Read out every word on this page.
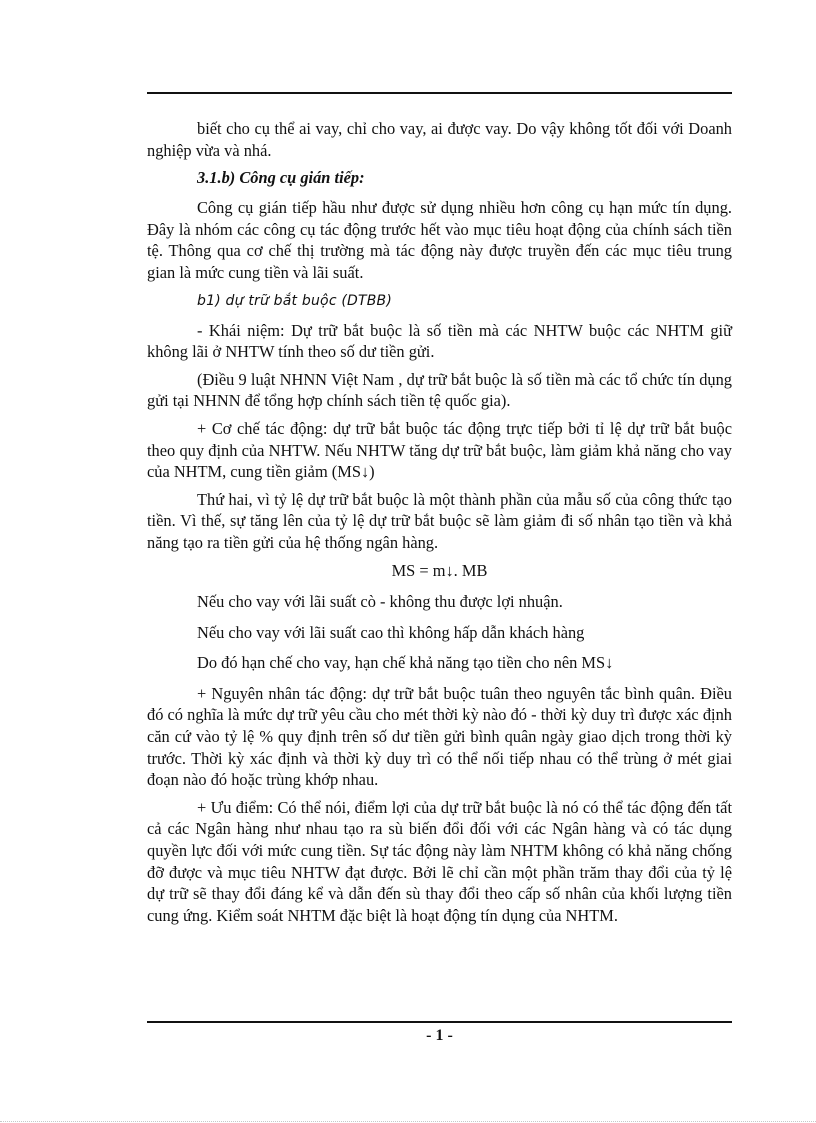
biết cho cụ thể ai vay, chỉ cho vay, ai được vay. Do vậy không tốt đối với Doanh nghiệp vừa và nhá.

3.1.b) Công cụ gián tiếp:

Công cụ gián tiếp hầu như được sử dụng nhiều hơn công cụ hạn mức tín dụng. Đây là nhóm các công cụ tác động trước hết vào mục tiêu hoạt động của chính sách tiền tệ. Thông qua cơ chế thị trường mà tác động này được truyền đến các mục tiêu trung gian là mức cung tiền và lãi suất.

b1) dự trữ bắt buộc (DTBB)

- Khái niệm: Dự trữ bắt buộc là số tiền mà các NHTW buộc các NHTM giữ không lãi ở NHTW tính theo số dư tiền gửi.

(Điều 9 luật NHNN Việt Nam , dự trữ bắt buộc là số tiền mà các tổ chức tín dụng gửi tại NHNN để tổng hợp chính sách tiền tệ quốc gia).

+ Cơ chế tác động: dự trữ bắt buộc tác động trực tiếp bởi tỉ lệ dự trữ bắt buộc theo quy định của NHTW. Nếu NHTW tăng dự trữ bắt buộc, làm giảm khả năng cho vay của NHTM, cung tiền giảm (MS↓)

Thứ hai, vì tỷ lệ dự trữ bắt buộc là một thành phần của mẫu số của công thức tạo tiền. Vì thế, sự tăng lên của tỷ lệ dự trữ bắt buộc sẽ làm giảm đi số nhân tạo tiền và khả năng tạo ra tiền gửi của hệ thống ngân hàng.

MS = m↓. MB

Nếu cho vay với lãi suất cò - không thu được lợi nhuận.

Nếu cho vay với lãi suất cao thì không hấp dẫn khách hàng

Do đó hạn chế cho vay, hạn chế khả năng tạo tiền cho nên MS↓

+ Nguyên nhân tác động: dự trữ bắt buộc tuân theo nguyên tắc bình quân. Điều đó có nghĩa là mức dự trữ yêu cầu cho mét thời kỳ nào đó - thời kỳ duy trì được xác định căn cứ vào tỷ lệ % quy định trên số dư tiền gửi bình quân ngày giao dịch trong thời kỳ trước. Thời kỳ xác định và thời kỳ duy trì có thể nối tiếp nhau có thể trùng ở mét giai đoạn nào đó hoặc trùng khớp nhau.

+ Ưu điểm: Có thể nói, điểm lợi của dự trữ bắt buộc là nó có thể tác động đến tất cả các Ngân hàng như nhau tạo ra sù biến đổi đối với các Ngân hàng và có tác dụng quyền lực đối với mức cung tiền. Sự tác động này làm NHTM không có khả năng chống đỡ được và mục tiêu NHTW đạt được. Bởi lẽ chỉ cần một phần trăm thay đổi của tỷ lệ dự trữ sẽ thay đổi đáng kể và dẫn đến sù thay đổi theo cấp số nhân của khối lượng tiền cung ứng. Kiểm soát NHTM đặc biệt là hoạt động tín dụng của NHTM.

- 1 -
